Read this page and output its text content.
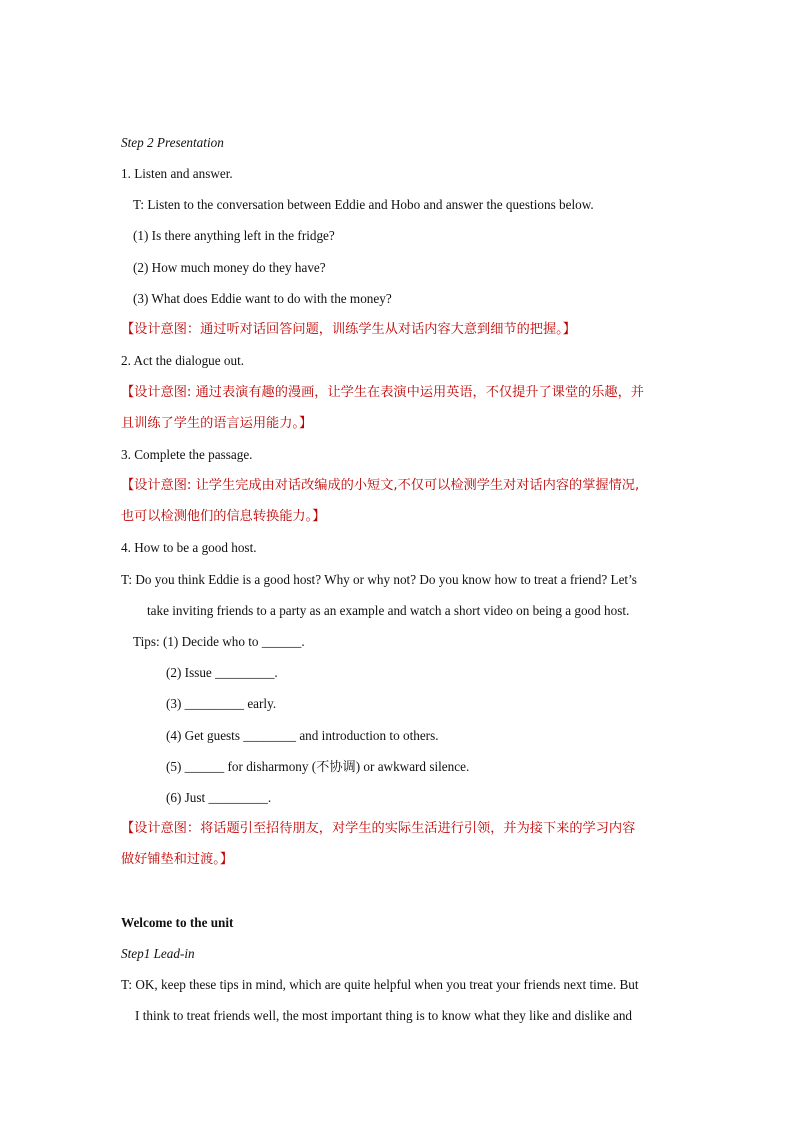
Step 2 Presentation
1. Listen and answer.
T: Listen to the conversation between Eddie and Hobo and answer the questions below.
(1) Is there anything left in the fridge?
(2) How much money do they have?
(3) What does Eddie want to do with the money?
【设计意图：通过听对话回答问题，训练学生从对话内容大意到细节的把握。】
2. Act the dialogue out.
【设计意图: 通过表演有趣的漫画，让学生在表演中运用英语，不仅提升了课堂的乐趣，并
且训练了学生的语言运用能力。】
3. Complete the passage.
【设计意图: 让学生完成由对话改编成的小短文,不仅可以检测学生对对话内容的掌握情况,
也可以检测他们的信息转换能力。】
4. How to be a good host.
T: Do you think Eddie is a good host? Why or why not? Do you know how to treat a friend? Let’s
take inviting friends to a party as an example and watch a short video on being a good host.
Tips: (1) Decide who to ______.
(2) Issue _________.
(3) _________ early.
(4) Get guests ________ and introduction to others.
(5) ______ for disharmony (不协调) or awkward silence.
(6) Just _________.
【设计意图：将话题引至招待朋友，对学生的实际生活进行引领，并为接下来的学习内容
做好铺垫和过渡。】
Welcome to the unit
Step1 Lead-in
T: OK, keep these tips in mind, which are quite helpful when you treat your friends next time. But
I think to treat friends well, the most important thing is to know what they like and dislike and
